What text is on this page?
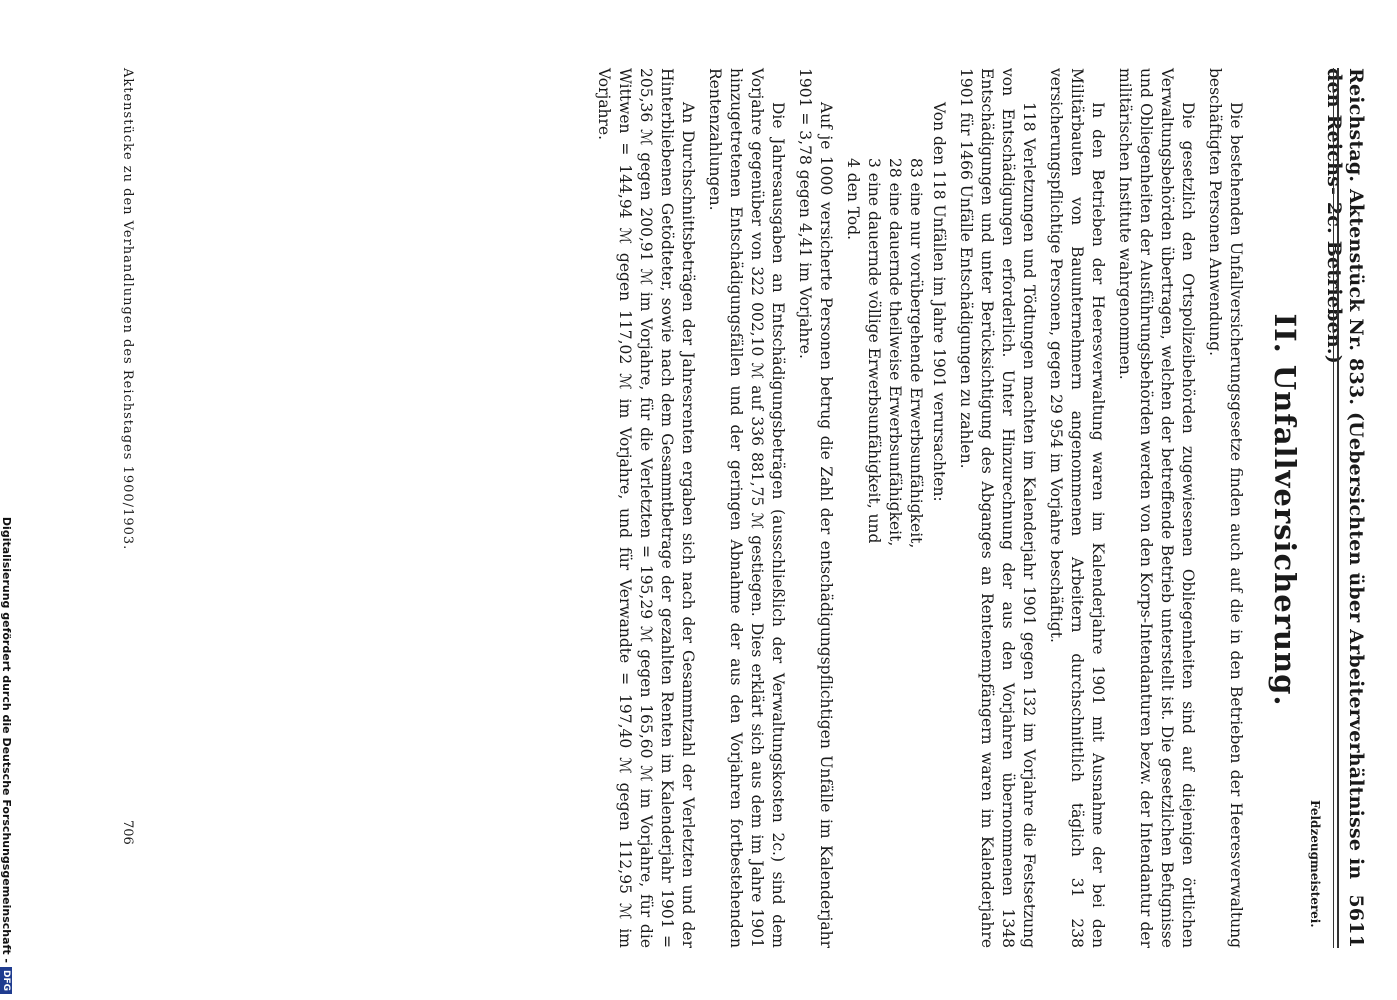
Reichstag. Aktenstück Nr. 833. (Uebersichten über Arbeiterverhältnisse in den Reichs- 2c. Betrieben.)
5611
Feldzeugmeisterei.
II. Unfallversicherung.

Die bestehenden Unfallversicherungsgesetze finden auch auf die in den Betrieben der Heeresverwaltung beschäftigten Personen Anwendung.

Die gesetzlich den Ortspolizeibehörden zugewiesenen Obliegenheiten sind auf diejenigen örtlichen Verwaltungsbehörden übertragen, welchen der betreffende Betrieb unterstellt ist. Die gesetzlichen Befugnisse und Obliegenheiten der Ausführungsbehörden werden von den Korps-Intendanturen bezw. der Intendantur der militärischen Institute wahrgenommen.

In den Betrieben der Heeresverwaltung waren im Kalenderjahre 1901 mit Ausnahme der bei den Militärbauten von Bauunternehmern angenommenen Arbeitern durchschnittlich täglich 31 238 versicherungspflichtige Personen, gegen 29 954 im Vorjahre beschäftigt.

118 Verletzungen und Tödtungen machten im Kalenderjahr 1901 gegen 132 im Vorjahre die Festsetzung von Entschädigungen erforderlich. Unter Hinzurechnung der aus den Vorjahren übernommenen 1348 Entschädigungen und unter Berücksichtigung des Abganges an Rentenempfängern waren im Kalenderjahre 1901 für 1466 Unfälle Entschädigungen zu zahlen.

Von den 118 Unfällen im Jahre 1901 verursachten:

83 eine nur vorübergehende Erwerbsunfähigkeit,
28 eine dauernde theilweise Erwerbsunfähigkeit,
3 eine dauernde völlige Erwerbsunfähigkeit, und
4 den Tod.

Auf je 1000 versicherte Personen betrug die Zahl der entschädigungspflichtigen Unfälle im Kalenderjahr 1901 = 3,78 gegen 4,41 im Vorjahre.

Die Jahresausgaben an Entschädigungsbeträgen (ausschließlich der Verwaltungskosten 2c.) sind dem Vorjahre gegenüber von 322 002,10 ℳ auf 336 881,75 ℳ gestiegen. Dies erklärt sich aus dem im Jahre 1901 hinzugetretenen Entschädigungsfällen und der geringen Abnahme der aus den Vorjahren fortbestehenden Rentenzahlungen.

An Durchschnittsbeträgen der Jahresrenten ergaben sich nach der Gesammtzahl der Verletzten und der Hinterbliebenen Getödteter, sowie nach dem Gesammtbetrage der gezahlten Renten im Kalenderjahr 1901 = 205,36 ℳ gegen 200,91 ℳ im Vorjahre, für die Verletzten = 195,29 ℳ gegen 165,60 ℳ im Vorjahre, für die Wittwen = 144,94 ℳ gegen 117,02 ℳ im Vorjahre, und für Verwandte = 197,40 ℳ gegen 112,95 ℳ im Vorjahre.

Aktenstücke zu den Verhandlungen des Reichstages 1900/1903.
706
Digitalisierung gefördert durch die Deutsche Forschungsgemeinschaft -
DFG
